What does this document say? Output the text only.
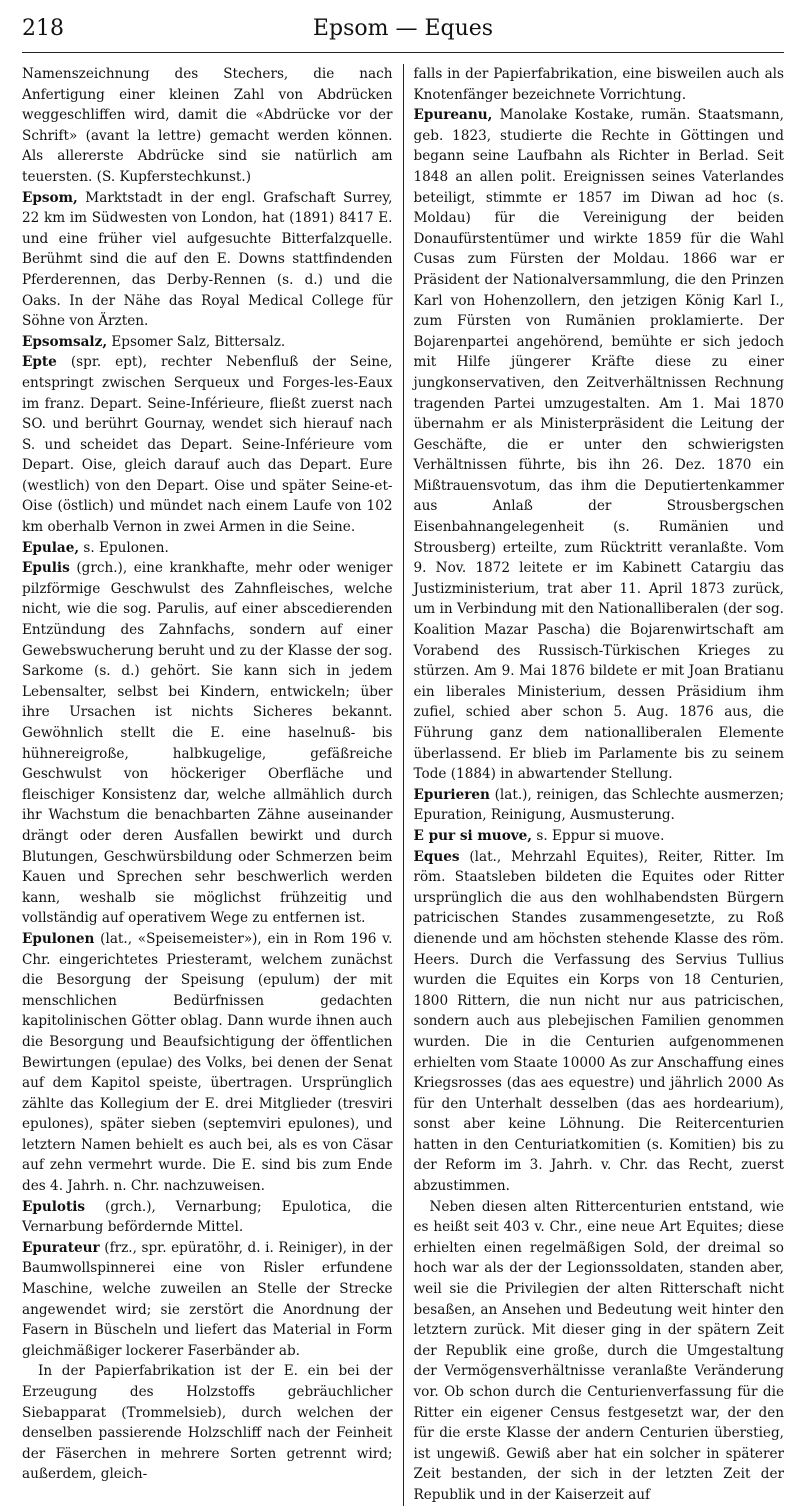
218	Epsom — Eques

Namenszeichnung des Stechers, die nach Anfertigung einer kleinen Zahl von Abdrücken weggeschliffen wird, damit die «Abdrücke vor der Schrift» (avant la lettre) gemacht werden können. Als allererste Abdrücke sind sie natürlich am teuersten. (S. Kupferstechkunst.)

Epsom, Marktstadt in der engl. Grafschaft Surrey, 22 km im Südwesten von London, hat (1891) 8417 E. und eine früher viel aufgesuchte Bitterfalzquelle. Berühmt sind die auf den E. Downs stattfindenden Pferderennen, das Derby-Rennen (s. d.) und die Oaks. In der Nähe das Royal Medical College für Söhne von Ärzten.

Epsomsalz, Epsomer Salz, Bittersalz.

Epte (spr. ept), rechter Nebenfluß der Seine, entspringt zwischen Serqueux und Forges-les-Eaux im franz. Depart. Seine-Inférieure, fließt zuerst nach SO. und berührt Gournay, wendet sich hierauf nach S. und scheidet das Depart. Seine-Inférieure vom Depart. Oise, gleich darauf auch das Depart. Eure (westlich) von den Depart. Oise und später Seine-et-Oise (östlich) und mündet nach einem Laufe von 102 km oberhalb Vernon in zwei Armen in die Seine.

Epulae, s. Epulonen.

Epulis (grch.), eine krankhafte, mehr oder weniger pilzförmige Geschwulst des Zahnfleisches, welche nicht, wie die sog. Parulis, auf einer abscedierenden Entzündung des Zahnfachs, sondern auf einer Gewebswucherung beruht und zu der Klasse der sog. Sarkome (s. d.) gehört. Sie kann sich in jedem Lebensalter, selbst bei Kindern, entwickeln; über ihre Ursachen ist nichts Sicheres bekannt. Gewöhnlich stellt die E. eine haselnuß- bis hühnereigroße, halbkugelige, gefäßreiche Geschwulst von höckeriger Oberfläche und fleischiger Konsistenz dar, welche allmählich durch ihr Wachstum die benachbarten Zähne auseinander drängt oder deren Ausfallen bewirkt und durch Blutungen, Geschwürsbildung oder Schmerzen beim Kauen und Sprechen sehr beschwerlich werden kann, weshalb sie möglichst frühzeitig und vollständig auf operativem Wege zu entfernen ist.

Epulonen (lat., «Speisemeister»), ein in Rom 196 v. Chr. eingerichtetes Priesteramt, welchem zunächst die Besorgung der Speisung (epulum) der mit menschlichen Bedürfnissen gedachten kapitolinischen Götter oblag. Dann wurde ihnen auch die Besorgung und Beaufsichtigung der öffentlichen Bewirtungen (epulae) des Volks, bei denen der Senat auf dem Kapitol speiste, übertragen. Ursprünglich zählte das Kollegium der E. drei Mitglieder (tresviri epulones), später sieben (septemviri epulones), und letztern Namen behielt es auch bei, als es von Cäsar auf zehn vermehrt wurde. Die E. sind bis zum Ende des 4. Jahrh. n. Chr. nachzuweisen.

Epulotis (grch.), Vernarbung; Epulotica, die Vernarbung befördernde Mittel.

Epurateur (frz., spr. epüratöhr, d. i. Reiniger), in der Baumwollspinnerei eine von Risler erfundene Maschine, welche zuweilen an Stelle der Strecke angewendet wird; sie zerstört die Anordnung der Fasern in Büscheln und liefert das Material in Form gleichmäßiger lockerer Faserbänder ab.

In der Papierfabrikation ist der E. ein bei der Erzeugung des Holzstoffs gebräuchlicher Siebapparat (Trommelsieb), durch welchen der denselben passierende Holzschliff nach der Feinheit der Fäserchen in mehrere Sorten getrennt wird; außerdem, gleich-

falls in der Papierfabrikation, eine bisweilen auch als Knotenfänger bezeichnete Vorrichtung.

Epureanu, Manolake Kostake, rumän. Staatsmann, geb. 1823, studierte die Rechte in Göttingen und begann seine Laufbahn als Richter in Berlad. Seit 1848 an allen polit. Ereignissen seines Vaterlandes beteiligt, stimmte er 1857 im Diwan ad hoc (s. Moldau) für die Vereinigung der beiden Donaufürstentümer und wirkte 1859 für die Wahl Cusas zum Fürsten der Moldau. 1866 war er Präsident der Nationalversammlung, die den Prinzen Karl von Hohenzollern, den jetzigen König Karl I., zum Fürsten von Rumänien proklamierte. Der Bojarenpartei angehörend, bemühte er sich jedoch mit Hilfe jüngerer Kräfte diese zu einer jungkonservativen, den Zeitverhältnissen Rechnung tragenden Partei umzugestalten. Am 1. Mai 1870 übernahm er als Ministerpräsident die Leitung der Geschäfte, die er unter den schwierigsten Verhältnissen führte, bis ihn 26. Dez. 1870 ein Mißtrauensvotum, das ihm die Deputiertenkammer aus Anlaß der Strousbergschen Eisenbahnangelegenheit (s. Rumänien und Strousberg) erteilte, zum Rücktritt veranlaßte. Vom 9. Nov. 1872 leitete er im Kabinett Catargiu das Justizministerium, trat aber 11. April 1873 zurück, um in Verbindung mit den Nationalliberalen (der sog. Koalition Mazar Pascha) die Bojarenwirtschaft am Vorabend des Russisch-Türkischen Krieges zu stürzen. Am 9. Mai 1876 bildete er mit Joan Bratianu ein liberales Ministerium, dessen Präsidium ihm zufiel, schied aber schon 5. Aug. 1876 aus, die Führung ganz dem nationalliberalen Elemente überlassend. Er blieb im Parlamente bis zu seinem Tode (1884) in abwartender Stellung.

Epurieren (lat.), reinigen, das Schlechte ausmerzen; Epuration, Reinigung, Ausmusterung.

E pur si muove, s. Eppur si muove.

Eques (lat., Mehrzahl Equites), Reiter, Ritter. Im röm. Staatsleben bildeten die Equites oder Ritter ursprünglich die aus den wohlhabendsten Bürgern patricischen Standes zusammengesetzte, zu Roß dienende und am höchsten stehende Klasse des röm. Heers. Durch die Verfassung des Servius Tullius wurden die Equites ein Korps von 18 Centurien, 1800 Rittern, die nun nicht nur aus patricischen, sondern auch aus plebejischen Familien genommen wurden. Die in die Centurien aufgenommenen erhielten vom Staate 10000 As zur Anschaffung eines Kriegsrosses (das aes equestre) und jährlich 2000 As für den Unterhalt desselben (das aes hordearium), sonst aber keine Löhnung. Die Reitercenturien hatten in den Centuriatkomitien (s. Komitien) bis zu der Reform im 3. Jahrh. v. Chr. das Recht, zuerst abzustimmen.

Neben diesen alten Rittercenturien entstand, wie es heißt seit 403 v. Chr., eine neue Art Equites; diese erhielten einen regelmäßigen Sold, der dreimal so hoch war als der der Legionssoldaten, standen aber, weil sie die Privilegien der alten Ritterschaft nicht besaßen, an Ansehen und Bedeutung weit hinter den letztern zurück. Mit dieser ging in der spätern Zeit der Republik eine große, durch die Umgestaltung der Vermögensverhältnisse veranlaßte Veränderung vor. Ob schon durch die Centurienverfassung für die Ritter ein eigener Census festgesetzt war, der den für die erste Klasse der andern Centurien überstieg, ist ungewiß. Gewiß aber hat ein solcher in späterer Zeit bestanden, der sich in der letzten Zeit der Republik und in der Kaiserzeit auf
